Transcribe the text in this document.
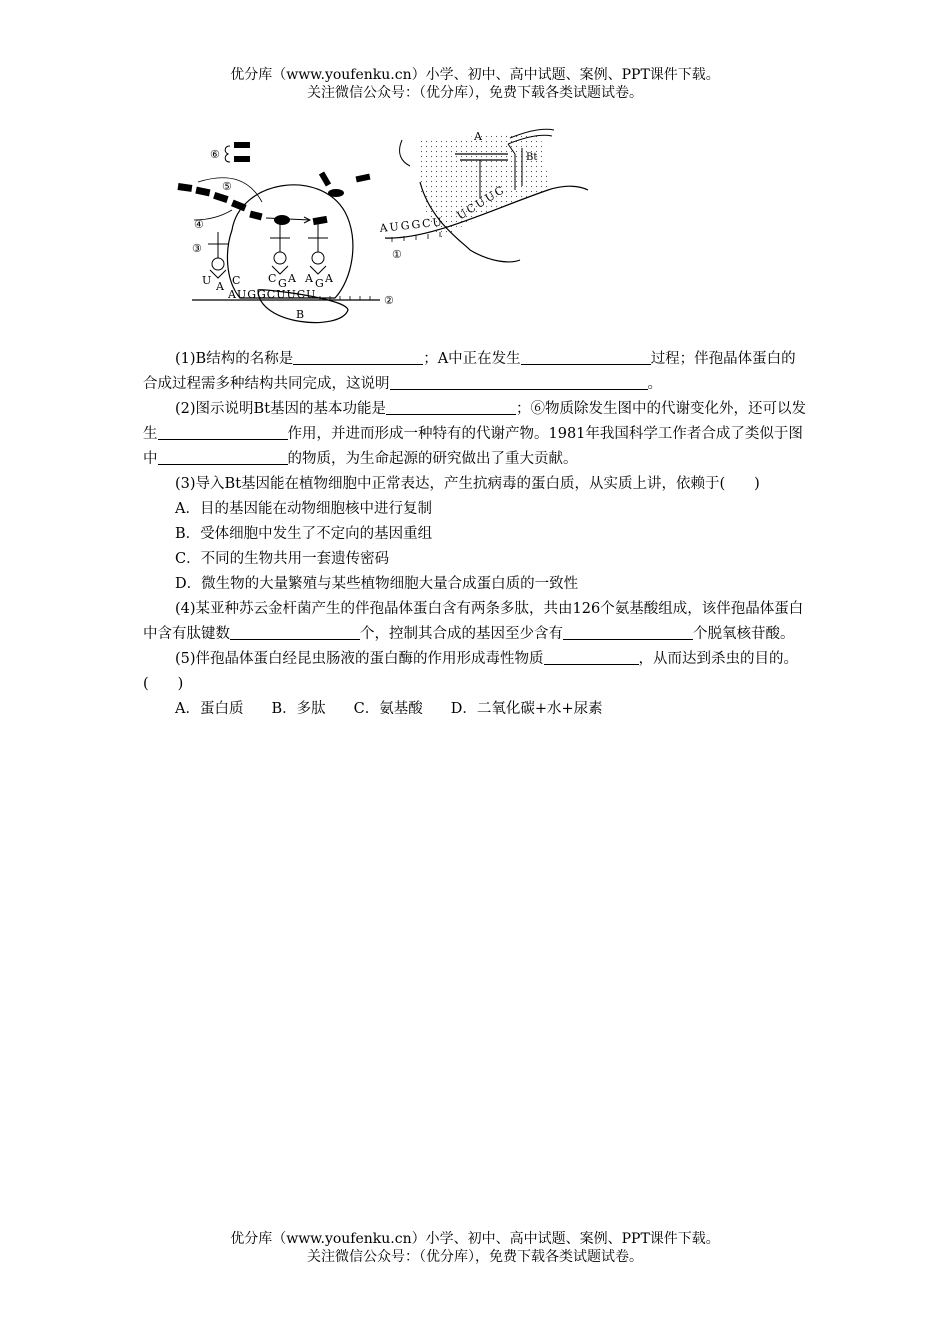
优分库（www.youfenku.cn）小学、初中、高中试题、案例、PPT课件下载。
关注微信公众号：（优分库），免费下载各类试题试卷。
⑥
⑤
④
③
②
B
U A C	C G A A G A
AUGGCUUCU
A
Bt
①
AUGGCU
UCUUC

(1)B结构的名称是	；A中正在发生	过程；伴孢晶体蛋白的合成过程需多种结构共同完成，这说明	。

(2)图示说明Bt基因的基本功能是	；⑥物质除发生图中的代谢变化外，还可以发生	作用，并进而形成一种特有的代谢产物。1981年我国科学工作者合成了类似于图中	的物质，为生命起源的研究做出了重大贡献。

(3)导入Bt基因能在植物细胞中正常表达，产生抗病毒的蛋白质，从实质上讲，依赖于(　　)

A．目的基因能在动物细胞核中进行复制

B．受体细胞中发生了不定向的基因重组

C．不同的生物共用一套遗传密码

D．微生物的大量繁殖与某些植物细胞大量合成蛋白质的一致性

(4)某亚种苏云金杆菌产生的伴孢晶体蛋白含有两条多肽，共由126个氨基酸组成，该伴孢晶体蛋白中含有肽键数	个，控制其合成的基因至少含有	个脱氧核苷酸。

(5)伴孢晶体蛋白经昆虫肠液的蛋白酶的作用形成毒性物质	，从而达到杀虫的目的。(　　)

A．蛋白质 B．多肽 C．氨基酸 D．二氧化碳+水+尿素

优分库（www.youfenku.cn）小学、初中、高中试题、案例、PPT课件下载。
关注微信公众号：（优分库），免费下载各类试题试卷。
